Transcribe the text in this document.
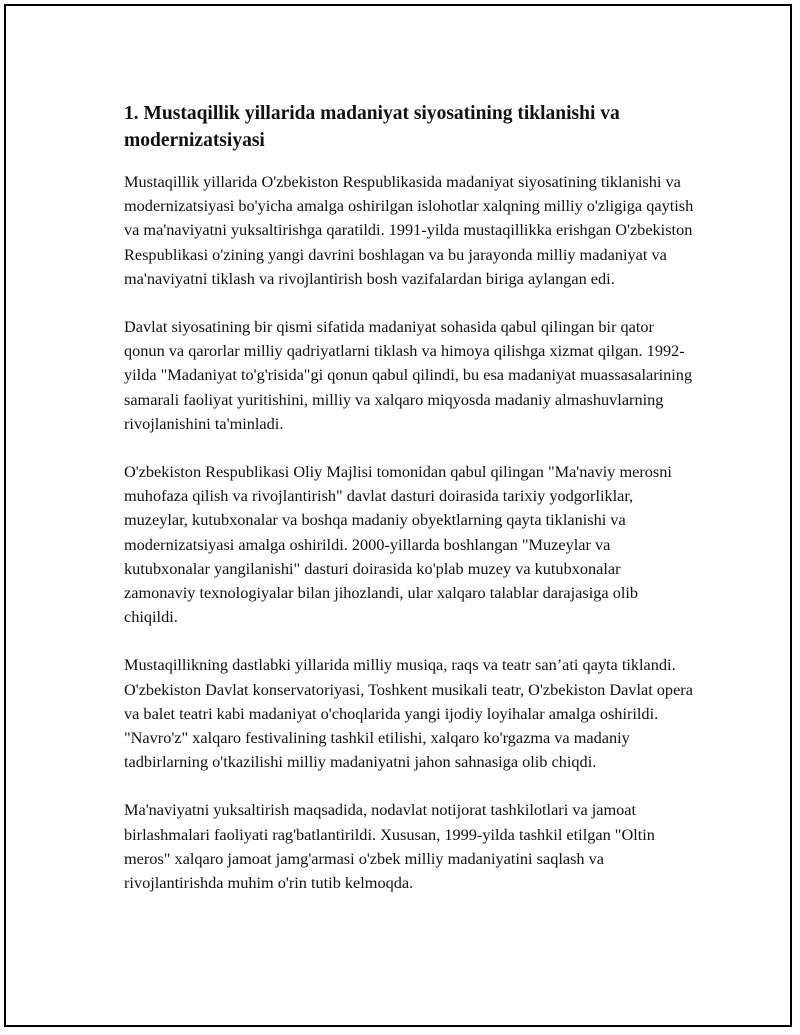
1. Mustaqillik yillarida madaniyat siyosatining tiklanishi va modernizatsiyasi

Mustaqillik yillarida O'zbekiston Respublikasida madaniyat siyosatining tiklanishi va modernizatsiyasi bo'yicha amalga oshirilgan islohotlar xalqning milliy o'zligiga qaytish va ma'naviyatni yuksaltirishga qaratildi. 1991-yilda mustaqillikka erishgan O'zbekiston Respublikasi o'zining yangi davrini boshlagan va bu jarayonda milliy madaniyat va ma'naviyatni tiklash va rivojlantirish bosh vazifalardan biriga aylangan edi.

Davlat siyosatining bir qismi sifatida madaniyat sohasida qabul qilingan bir qator qonun va qarorlar milliy qadriyatlarni tiklash va himoya qilishga xizmat qilgan. 1992-yilda "Madaniyat to'g'risida"gi qonun qabul qilindi, bu esa madaniyat muassasalarining samarali faoliyat yuritishini, milliy va xalqaro miqyosda madaniy almashuvlarning rivojlanishini ta'minladi.

O'zbekiston Respublikasi Oliy Majlisi tomonidan qabul qilingan "Ma'naviy merosni muhofaza qilish va rivojlantirish" davlat dasturi doirasida tarixiy yodgorliklar, muzeylar, kutubxonalar va boshqa madaniy obyektlarning qayta tiklanishi va modernizatsiyasi amalga oshirildi. 2000-yillarda boshlangan "Muzeylar va kutubxonalar yangilanishi" dasturi doirasida ko'plab muzey va kutubxonalar zamonaviy texnologiyalar bilan jihozlandi, ular xalqaro talablar darajasiga olib chiqildi.

Mustaqillikning dastlabki yillarida milliy musiqa, raqs va teatr san’ati qayta tiklandi. O'zbekiston Davlat konservatoriyasi, Toshkent musikali teatr, O'zbekiston Davlat opera va balet teatri kabi madaniyat o'choqlarida yangi ijodiy loyihalar amalga oshirildi. "Navro'z" xalqaro festivalining tashkil etilishi, xalqaro ko'rgazma va madaniy tadbirlarning o'tkazilishi milliy madaniyatni jahon sahnasiga olib chiqdi.

Ma'naviyatni yuksaltirish maqsadida, nodavlat notijorat tashkilotlari va jamoat birlashmalari faoliyati rag'batlantirildi. Xususan, 1999-yilda tashkil etilgan "Oltin meros" xalqaro jamoat jamg'armasi o'zbek milliy madaniyatini saqlash va rivojlantirishda muhim o'rin tutib kelmoqda.
